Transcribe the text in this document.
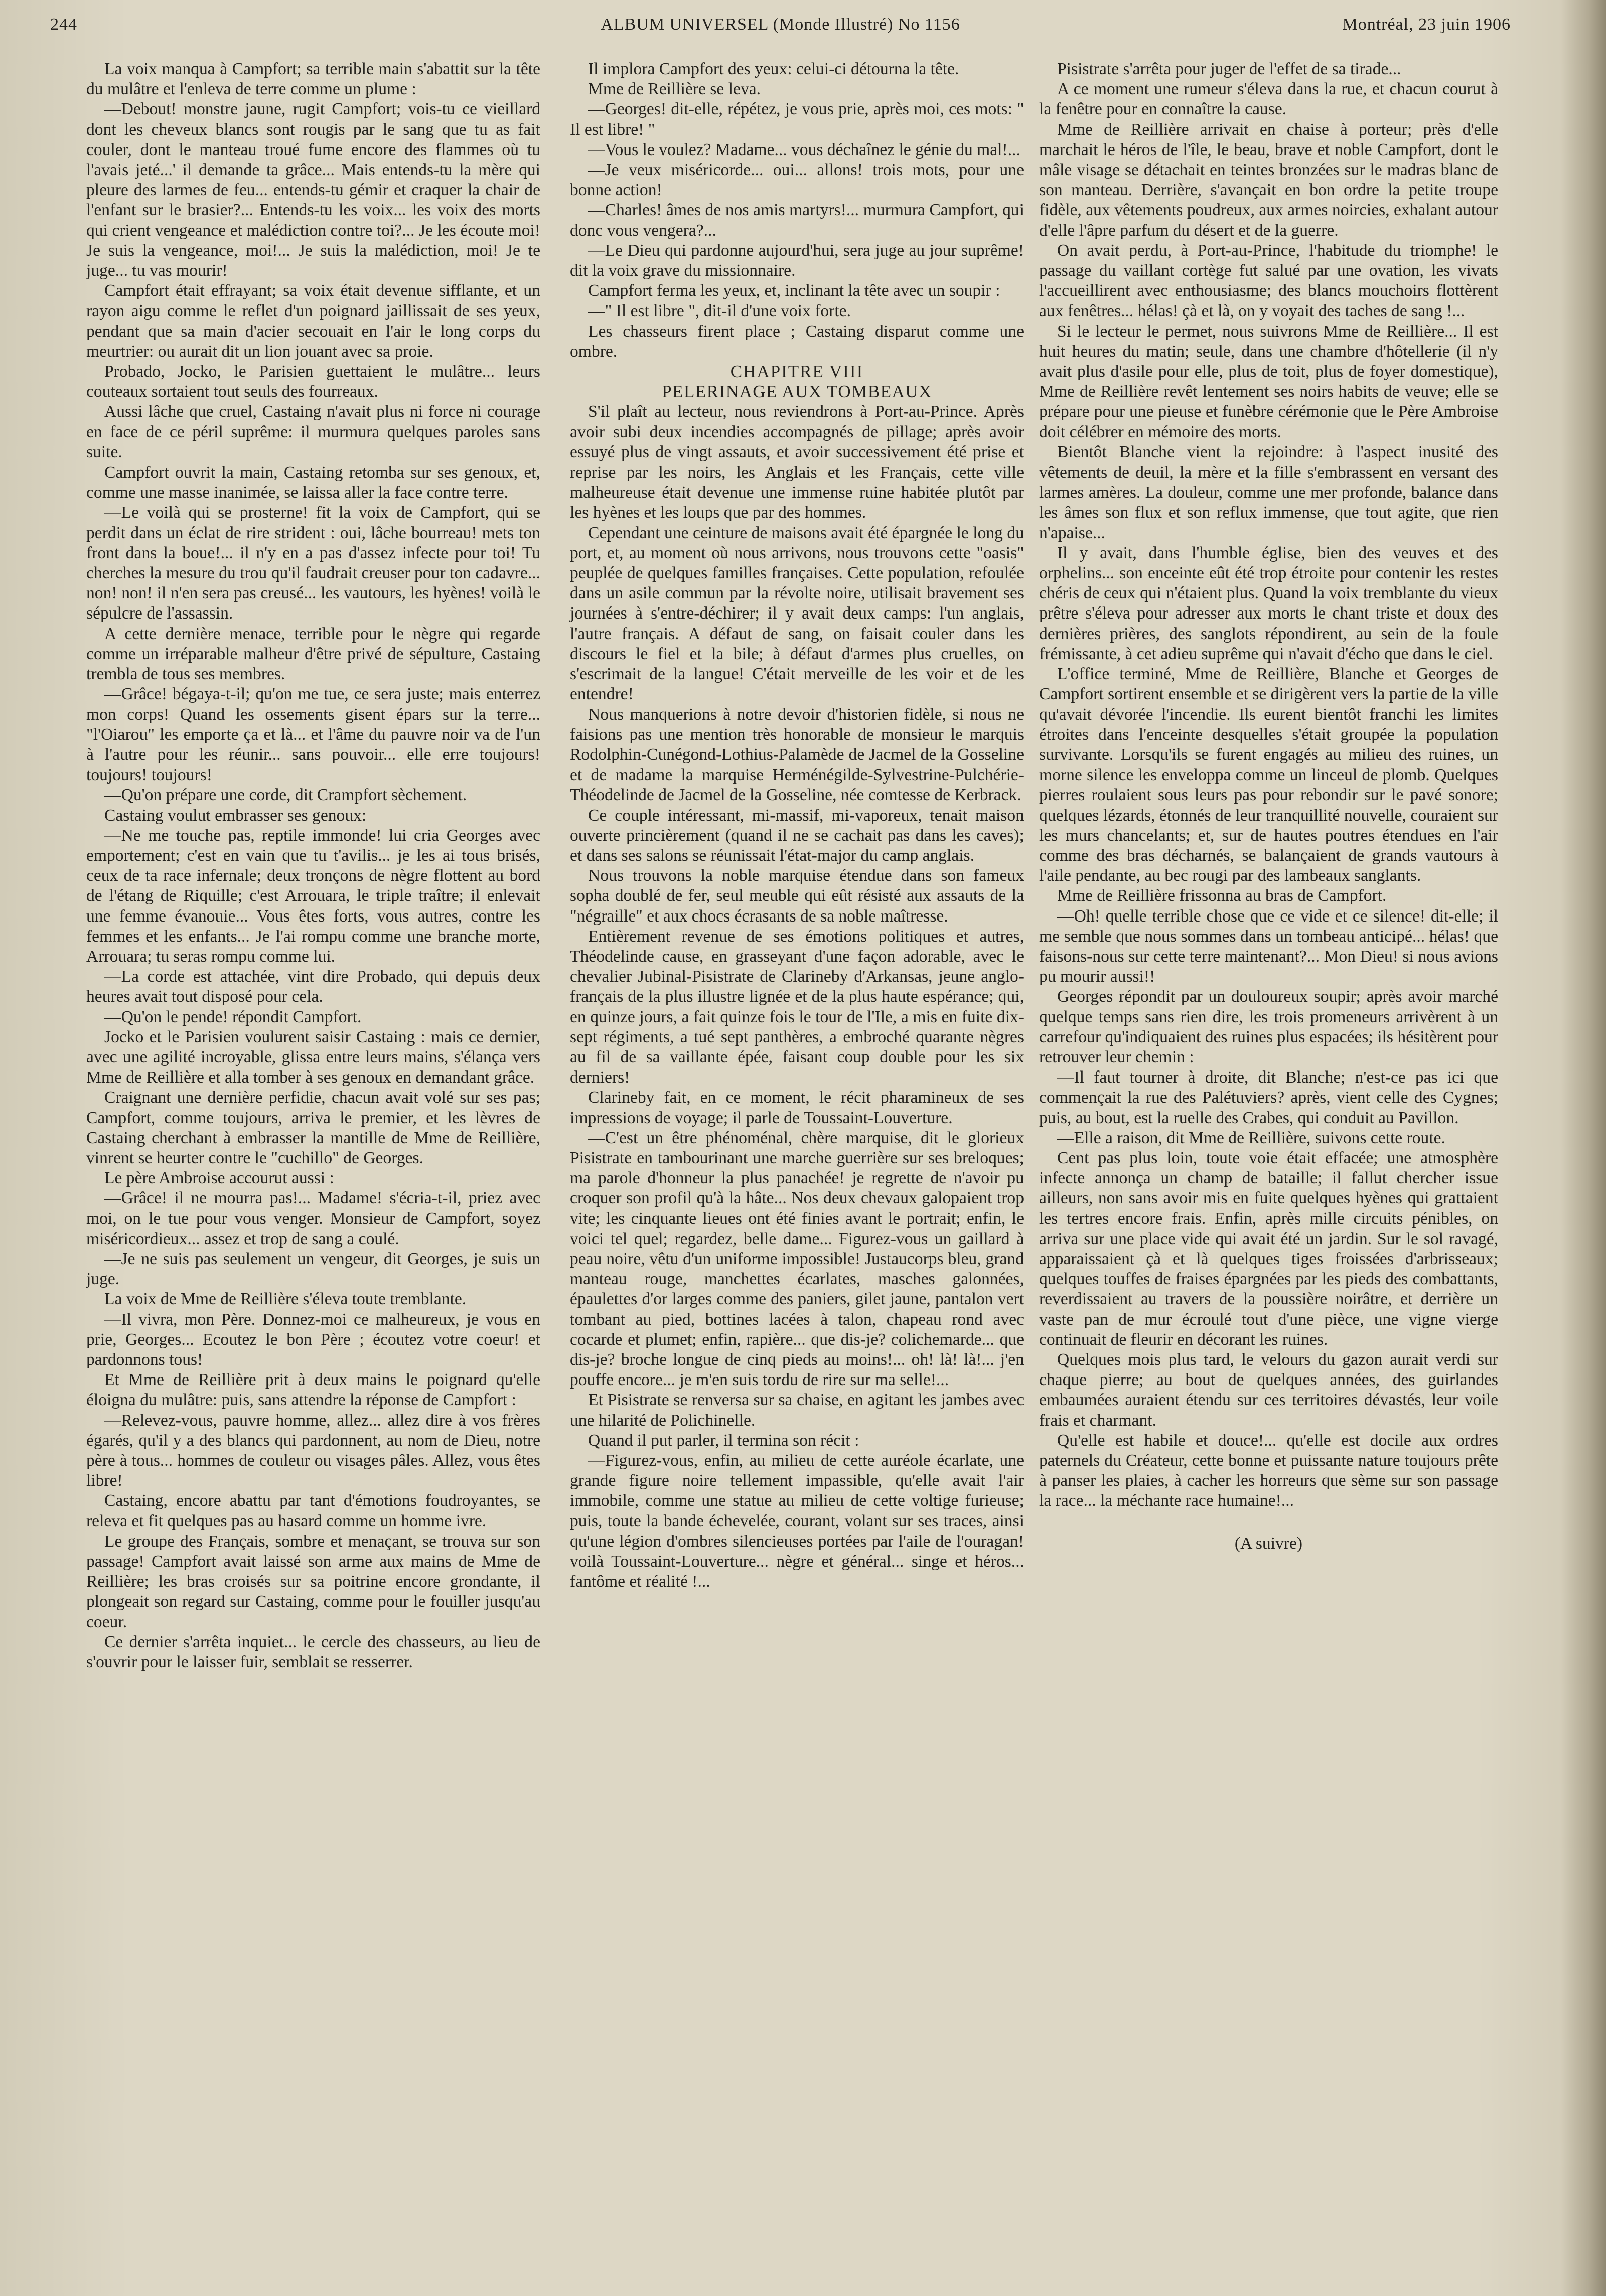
244	ALBUM UNIVERSEL (Monde Illustré) No 1156	Montréal, 23 juin 1906

La voix manqua à Campfort; sa terrible main s'abattit sur la tête du mulâtre et l'enleva de terre comme un plume :

—Debout! monstre jaune, rugit Campfort; vois-tu ce vieillard dont les cheveux blancs sont rougis par le sang que tu as fait couler, dont le manteau troué fume encore des flammes où tu l'avais jeté...' il demande ta grâce... Mais entends-tu la mère qui pleure des larmes de feu... entends-tu gémir et craquer la chair de l'enfant sur le brasier?... Entends-tu les voix... les voix des morts qui crient vengeance et malédiction contre toi?... Je les écoute moi! Je suis la vengeance, moi!... Je suis la malédiction, moi! Je te juge... tu vas mourir!

Campfort était effrayant; sa voix était devenue sifflante, et un rayon aigu comme le reflet d'un poignard jaillissait de ses yeux, pendant que sa main d'acier secouait en l'air le long corps du meurtrier: ou aurait dit un lion jouant avec sa proie.

Probado, Jocko, le Parisien guettaient le mulâtre... leurs couteaux sortaient tout seuls des fourreaux.

Aussi lâche que cruel, Castaing n'avait plus ni force ni courage en face de ce péril suprême: il murmura quelques paroles sans suite.

Campfort ouvrit la main, Castaing retomba sur ses genoux, et, comme une masse inanimée, se laissa aller la face contre terre.

—Le voilà qui se prosterne! fit la voix de Campfort, qui se perdit dans un éclat de rire strident : oui, lâche bourreau! mets ton front dans la boue!... il n'y en a pas d'assez infecte pour toi! Tu cherches la mesure du trou qu'il faudrait creuser pour ton cadavre... non! non! il n'en sera pas creusé... les vautours, les hyènes! voilà le sépulcre de l'assassin.

A cette dernière menace, terrible pour le nègre qui regarde comme un irréparable malheur d'être privé de sépulture, Castaing trembla de tous ses membres.

—Grâce! bégaya-t-il; qu'on me tue, ce sera juste; mais enterrez mon corps! Quand les ossements gisent épars sur la terre... "l'Oiarou" les emporte ça et là... et l'âme du pauvre noir va de l'un à l'autre pour les réunir... sans pouvoir... elle erre toujours! toujours! toujours!

—Qu'on prépare une corde, dit Crampfort sèchement.

Castaing voulut embrasser ses genoux:

—Ne me touche pas, reptile immonde! lui cria Georges avec emportement; c'est en vain que tu t'avilis... je les ai tous brisés, ceux de ta race infernale; deux tronçons de nègre flottent au bord de l'étang de Riquille; c'est Arrouara, le triple traître; il enlevait une femme évanouie... Vous êtes forts, vous autres, contre les femmes et les enfants... Je l'ai rompu comme une branche morte, Arrouara; tu seras rompu comme lui.

—La corde est attachée, vint dire Probado, qui depuis deux heures avait tout disposé pour cela.

—Qu'on le pende! répondit Campfort.

Jocko et le Parisien voulurent saisir Castaing : mais ce dernier, avec une agilité incroyable, glissa entre leurs mains, s'élança vers Mme de Reillière et alla tomber à ses genoux en demandant grâce.

Craignant une dernière perfidie, chacun avait volé sur ses pas; Campfort, comme toujours, arriva le premier, et les lèvres de Castaing cherchant à embrasser la mantille de Mme de Reillière, vinrent se heurter contre le "cuchillo" de Georges.

Le père Ambroise accourut aussi :

—Grâce! il ne mourra pas!... Madame! s'écria-t-il, priez avec moi, on le tue pour vous venger. Monsieur de Campfort, soyez miséricordieux... assez et trop de sang a coulé.

—Je ne suis pas seulement un vengeur, dit Georges, je suis un juge.

La voix de Mme de Reillière s'éleva toute tremblante.

—Il vivra, mon Père. Donnez-moi ce malheureux, je vous en prie, Georges... Ecoutez le bon Père ; écoutez votre coeur! et pardonnons tous!

Et Mme de Reillière prit à deux mains le poignard qu'elle éloigna du mulâtre: puis, sans attendre la réponse de Campfort :

—Relevez-vous, pauvre homme, allez... allez dire à vos frères égarés, qu'il y a des blancs qui pardonnent, au nom de Dieu, notre père à tous... hommes de couleur ou visages pâles. Allez, vous êtes libre!

Castaing, encore abattu par tant d'émotions foudroyantes, se releva et fit quelques pas au hasard comme un homme ivre.

Le groupe des Français, sombre et menaçant, se trouva sur son passage! Campfort avait laissé son arme aux mains de Mme de Reillière; les bras croisés sur sa poitrine encore grondante, il plongeait son regard sur Castaing, comme pour le fouiller jusqu'au coeur.

Ce dernier s'arrêta inquiet... le cercle des chasseurs, au lieu de s'ouvrir pour le laisser fuir, semblait se resserrer.

Il implora Campfort des yeux: celui-ci détourna la tête.

Mme de Reillière se leva.

—Georges! dit-elle, répétez, je vous prie, après moi, ces mots: " Il est libre! "

—Vous le voulez? Madame... vous déchaînez le génie du mal!...

—Je veux miséricorde... oui... allons! trois mots, pour une bonne action!

—Charles! âmes de nos amis martyrs!... murmura Campfort, qui donc vous vengera?...

—Le Dieu qui pardonne aujourd'hui, sera juge au jour suprême! dit la voix grave du missionnaire.

Campfort ferma les yeux, et, inclinant la tête avec un soupir :

—" Il est libre ", dit-il d'une voix forte.

Les chasseurs firent place ; Castaing disparut comme une ombre.

CHAPITRE VIII

PELERINAGE AUX TOMBEAUX

S'il plaît au lecteur, nous reviendrons à Port-au-Prince. Après avoir subi deux incendies accompagnés de pillage; après avoir essuyé plus de vingt assauts, et avoir successivement été prise et reprise par les noirs, les Anglais et les Français, cette ville malheureuse était devenue une immense ruine habitée plutôt par les hyènes et les loups que par des hommes.

Cependant une ceinture de maisons avait été épargnée le long du port, et, au moment où nous arrivons, nous trouvons cette "oasis" peuplée de quelques familles françaises. Cette population, refoulée dans un asile commun par la révolte noire, utilisait bravement ses journées à s'entre-déchirer; il y avait deux camps: l'un anglais, l'autre français. A défaut de sang, on faisait couler dans les discours le fiel et la bile; à défaut d'armes plus cruelles, on s'escrimait de la langue! C'était merveille de les voir et de les entendre!

Nous manquerions à notre devoir d'historien fidèle, si nous ne faisions pas une mention très honorable de monsieur le marquis Rodolphin-Cunégond-Lothius-Palamède de Jacmel de la Gosseline et de madame la marquise Herménégilde-Sylvestrine-Pulchérie-Théodelinde de Jacmel de la Gosseline, née comtesse de Kerbrack.

Ce couple intéressant, mi-massif, mi-vaporeux, tenait maison ouverte princièrement (quand il ne se cachait pas dans les caves); et dans ses salons se réunissait l'état-major du camp anglais.

Nous trouvons la noble marquise étendue dans son fameux sopha doublé de fer, seul meuble qui eût résisté aux assauts de la "négraille" et aux chocs écrasants de sa noble maîtresse.

Entièrement revenue de ses émotions politiques et autres, Théodelinde cause, en grasseyant d'une façon adorable, avec le chevalier Jubinal-Pisistrate de Clarineby d'Arkansas, jeune anglo-français de la plus illustre lignée et de la plus haute espérance; qui, en quinze jours, a fait quinze fois le tour de l'Ile, a mis en fuite dix-sept régiments, a tué sept panthères, a embroché quarante nègres au fil de sa vaillante épée, faisant coup double pour les six derniers!

Clarineby fait, en ce moment, le récit pharamineux de ses impressions de voyage; il parle de Toussaint-Louverture.

—C'est un être phénoménal, chère marquise, dit le glorieux Pisistrate en tambourinant une marche guerrière sur ses breloques; ma parole d'honneur la plus panachée! je regrette de n'avoir pu croquer son profil qu'à la hâte... Nos deux chevaux galopaient trop vite; les cinquante lieues ont été finies avant le portrait; enfin, le voici tel quel; regardez, belle dame... Figurez-vous un gaillard à peau noire, vêtu d'un uniforme impossible! Justaucorps bleu, grand manteau rouge, manchettes écarlates, masches galonnées, épaulettes d'or larges comme des paniers, gilet jaune, pantalon vert tombant au pied, bottines lacées à talon, chapeau rond avec cocarde et plumet; enfin, rapière... que dis-je? colichemarde... que dis-je? broche longue de cinq pieds au moins!... oh! là! là!... j'en pouffe encore... je m'en suis tordu de rire sur ma selle!...

Et Pisistrate se renversa sur sa chaise, en agitant les jambes avec une hilarité de Polichinelle.

Quand il put parler, il termina son récit :

—Figurez-vous, enfin, au milieu de cette auréole écarlate, une grande figure noire tellement impassible, qu'elle avait l'air immobile, comme une statue au milieu de cette voltige furieuse; puis, toute la bande échevelée, courant, volant sur ses traces, ainsi qu'une légion d'ombres silencieuses portées par l'aile de l'ouragan! voilà Toussaint-Louverture... nègre et général... singe et héros... fantôme et réalité !...

Pisistrate s'arrêta pour juger de l'effet de sa tirade...

A ce moment une rumeur s'éleva dans la rue, et chacun courut à la fenêtre pour en connaître la cause.

Mme de Reillière arrivait en chaise à porteur; près d'elle marchait le héros de l'île, le beau, brave et noble Campfort, dont le mâle visage se détachait en teintes bronzées sur le madras blanc de son manteau. Derrière, s'avançait en bon ordre la petite troupe fidèle, aux vêtements poudreux, aux armes noircies, exhalant autour d'elle l'âpre parfum du désert et de la guerre.

On avait perdu, à Port-au-Prince, l'habitude du triomphe! le passage du vaillant cortège fut salué par une ovation, les vivats l'accueillirent avec enthousiasme; des blancs mouchoirs flottèrent aux fenêtres... hélas! çà et là, on y voyait des taches de sang !...

Si le lecteur le permet, nous suivrons Mme de Reillière... Il est huit heures du matin; seule, dans une chambre d'hôtellerie (il n'y avait plus d'asile pour elle, plus de toit, plus de foyer domestique), Mme de Reillière revêt lentement ses noirs habits de veuve; elle se prépare pour une pieuse et funèbre cérémonie que le Père Ambroise doit célébrer en mémoire des morts.

Bientôt Blanche vient la rejoindre: à l'aspect inusité des vêtements de deuil, la mère et la fille s'embrassent en versant des larmes amères. La douleur, comme une mer profonde, balance dans les âmes son flux et son reflux immense, que tout agite, que rien n'apaise...

Il y avait, dans l'humble église, bien des veuves et des orphelins... son enceinte eût été trop étroite pour contenir les restes chéris de ceux qui n'étaient plus. Quand la voix tremblante du vieux prêtre s'éleva pour adresser aux morts le chant triste et doux des dernières prières, des sanglots répondirent, au sein de la foule frémissante, à cet adieu suprême qui n'avait d'écho que dans le ciel.

L'office terminé, Mme de Reillière, Blanche et Georges de Campfort sortirent ensemble et se dirigèrent vers la partie de la ville qu'avait dévorée l'incendie. Ils eurent bientôt franchi les limites étroites dans l'enceinte desquelles s'était groupée la population survivante. Lorsqu'ils se furent engagés au milieu des ruines, un morne silence les enveloppa comme un linceul de plomb. Quelques pierres roulaient sous leurs pas pour rebondir sur le pavé sonore; quelques lézards, étonnés de leur tranquillité nouvelle, couraient sur les murs chancelants; et, sur de hautes poutres étendues en l'air comme des bras décharnés, se balançaient de grands vautours à l'aile pendante, au bec rougi par des lambeaux sanglants.

Mme de Reillière frissonna au bras de Campfort.

—Oh! quelle terrible chose que ce vide et ce silence! dit-elle; il me semble que nous sommes dans un tombeau anticipé... hélas! que faisons-nous sur cette terre maintenant?... Mon Dieu! si nous avions pu mourir aussi!!

Georges répondit par un douloureux soupir; après avoir marché quelque temps sans rien dire, les trois promeneurs arrivèrent à un carrefour qu'indiquaient des ruines plus espacées; ils hésitèrent pour retrouver leur chemin :

—Il faut tourner à droite, dit Blanche; n'est-ce pas ici que commençait la rue des Palétuviers? après, vient celle des Cygnes; puis, au bout, est la ruelle des Crabes, qui conduit au Pavillon.

—Elle a raison, dit Mme de Reillière, suivons cette route.

Cent pas plus loin, toute voie était effacée; une atmosphère infecte annonça un champ de bataille; il fallut chercher issue ailleurs, non sans avoir mis en fuite quelques hyènes qui grattaient les tertres encore frais. Enfin, après mille circuits pénibles, on arriva sur une place vide qui avait été un jardin. Sur le sol ravagé, apparaissaient çà et là quelques tiges froissées d'arbrisseaux; quelques touffes de fraises épargnées par les pieds des combattants, reverdissaient au travers de la poussière noirâtre, et derrière un vaste pan de mur écroulé tout d'une pièce, une vigne vierge continuait de fleurir en décorant les ruines.

Quelques mois plus tard, le velours du gazon aurait verdi sur chaque pierre; au bout de quelques années, des guirlandes embaumées auraient étendu sur ces territoires dévastés, leur voile frais et charmant.

Qu'elle est habile et douce!... qu'elle est docile aux ordres paternels du Créateur, cette bonne et puissante nature toujours prête à panser les plaies, à cacher les horreurs que sème sur son passage la race... la méchante race humaine!...

(A suivre)
